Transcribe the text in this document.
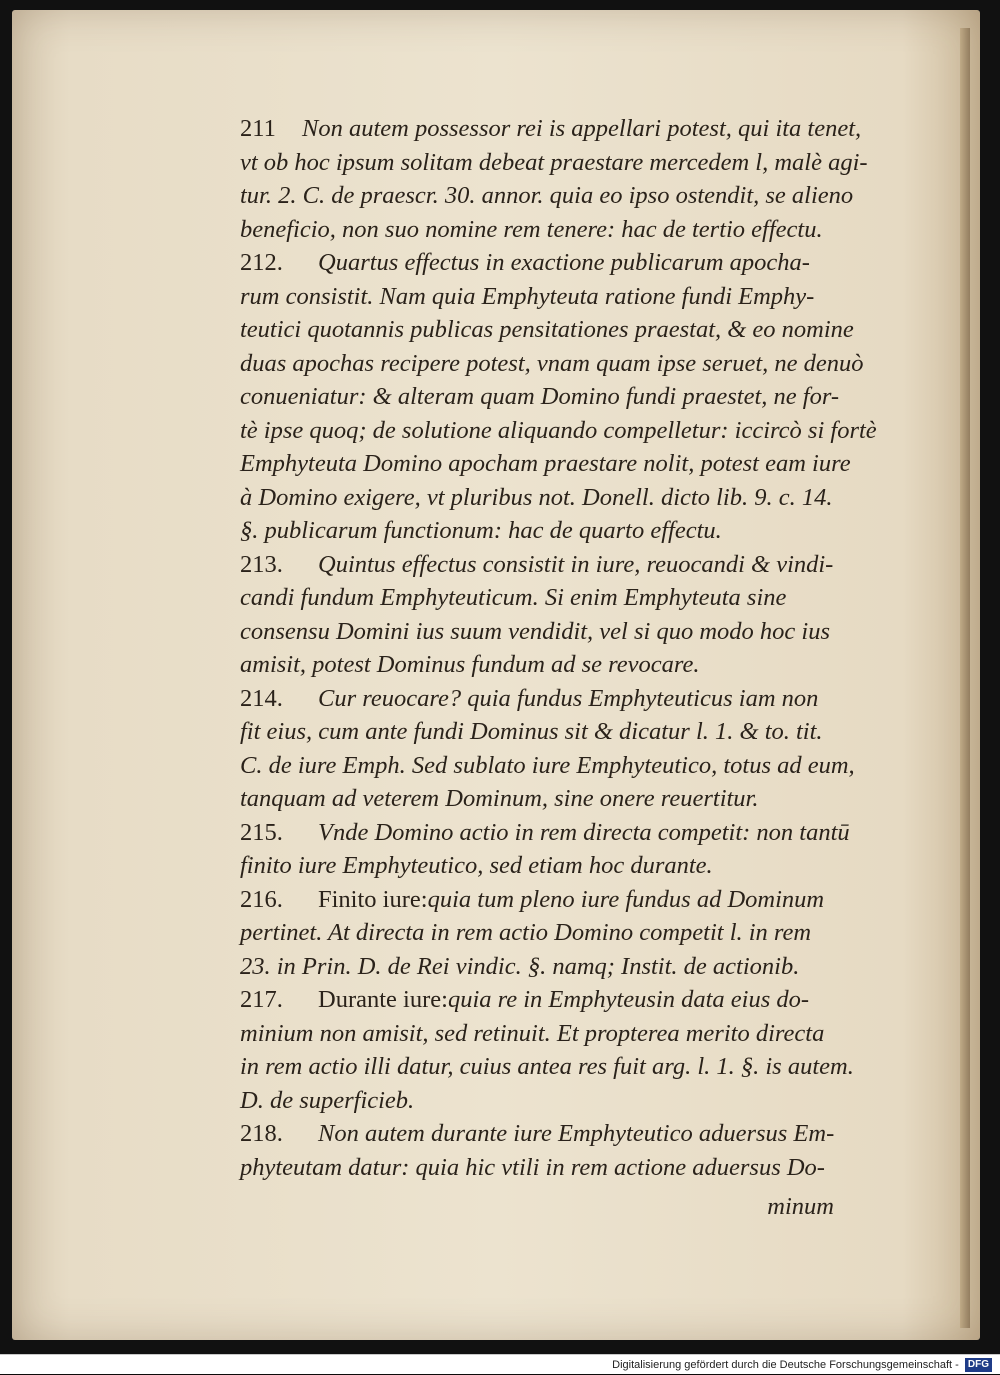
211 Non autem possessor rei is appellari potest, qui ita tenet,
vt ob hoc ipsum solitam debeat praestare mercedem l, malè agi-
tur. 2. C. de praescr. 30. annor. quia eo ipso ostendit, se alieno
beneficio, non suo nomine rem tenere: hac de tertio effectu.
212. Quartus effectus in exactione publicarum apocha-
rum consistit. Nam quia Emphyteuta ratione fundi Emphy-
teutici quotannis publicas pensitationes praestat, & eo nomine
duas apochas recipere potest, vnam quam ipse seruet, ne denuò
conueniatur: & alteram quam Domino fundi praestet, ne for-
tè ipse quoq; de solutione aliquando compelletur: iccircò si fortè
Emphyteuta Domino apocham praestare nolit, potest eam iure
à Domino exigere, vt pluribus not. Donell. dicto lib. 9. c. 14.
§. publicarum functionum: hac de quarto effectu.
213. Quintus effectus consistit in iure, reuocandi & vindi-
candi fundum Emphyteuticum. Si enim Emphyteuta sine
consensu Domini ius suum vendidit, vel si quo modo hoc ius
amisit, potest Dominus fundum ad se revocare.
214. Cur reuocare? quia fundus Emphyteuticus iam non
fit eius, cum ante fundi Dominus sit & dicatur l. 1. & to. tit.
C. de iure Emph. Sed sublato iure Emphyteutico, totus ad eum,
tanquam ad veterem Dominum, sine onere reuertitur.
215. Vnde Domino actio in rem directa competit: non tantū
finito iure Emphyteutico, sed etiam hoc durante.
216. Finito iure:quia tum pleno iure fundus ad Dominum
pertinet. At directa in rem actio Domino competit l. in rem
23. in Prin. D. de Rei vindic. §. namq; Instit. de actionib.
217. Durante iure:quia re in Emphyteusin data eius do-
minium non amisit, sed retinuit. Et propterea merito directa
in rem actio illi datur, cuius antea res fuit arg. l. 1. §. is autem.
D. de superficieb.
218. Non autem durante iure Emphyteutico aduersus Em-
phyteutam datur: quia hic vtili in rem actione aduersus Do-
minum
Digitalisierung gefördert durch die Deutsche Forschungsgemeinschaft - DFG
